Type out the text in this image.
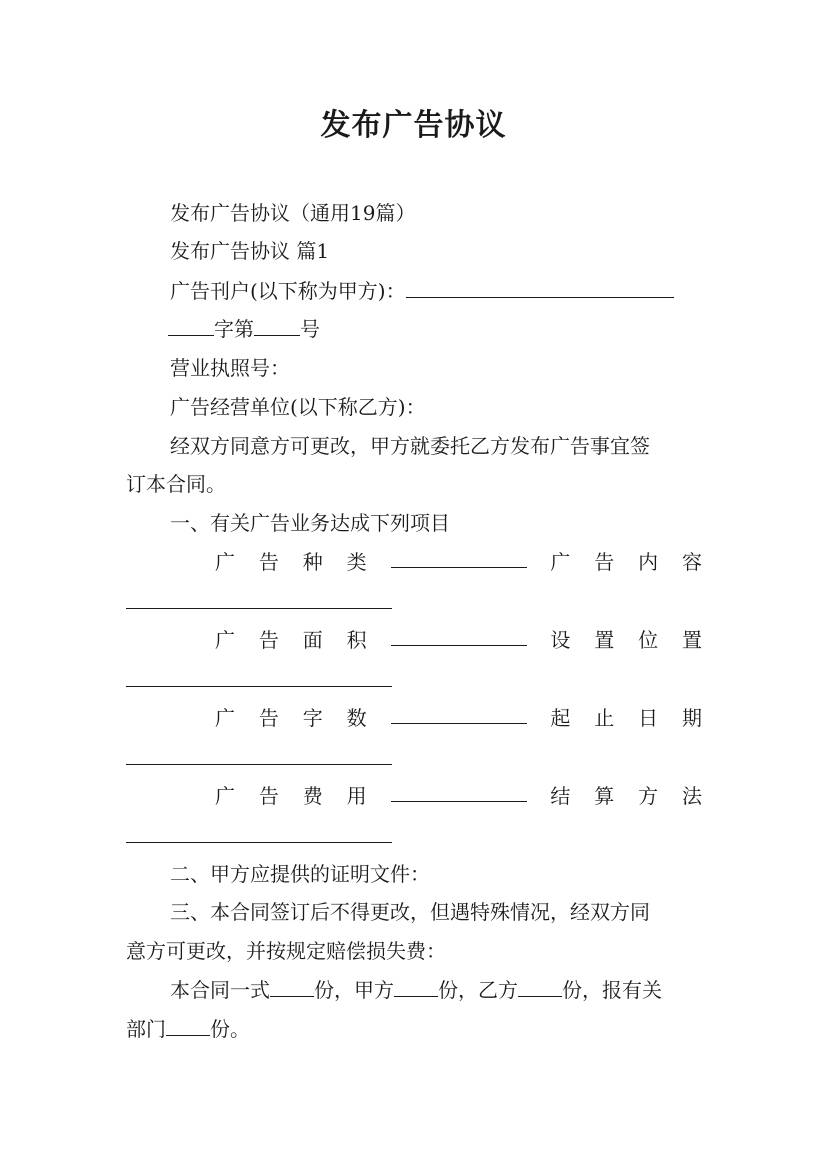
发布广告协议
发布广告协议（通用19篇）
发布广告协议 篇1
广告刊户(以下称为甲方)：
字第 号
营业执照号：
广告经营单位(以下称乙方)：
经双方同意方可更改，甲方就委托乙方发布广告事宜签
订本合同。
一、有关广告业务达成下列项目
广 告 种 类	广 告 内 容
广 告 面 积	设 置 位 置
广 告 字 数	起 止 日 期
广 告 费 用	结 算 方 法
二、甲方应提供的证明文件：
三、本合同签订后不得更改，但遇特殊情况，经双方同
意方可更改，并按规定赔偿损失费：
本合同一式 份，甲方 份，乙方 份，报有关
部门 份。
